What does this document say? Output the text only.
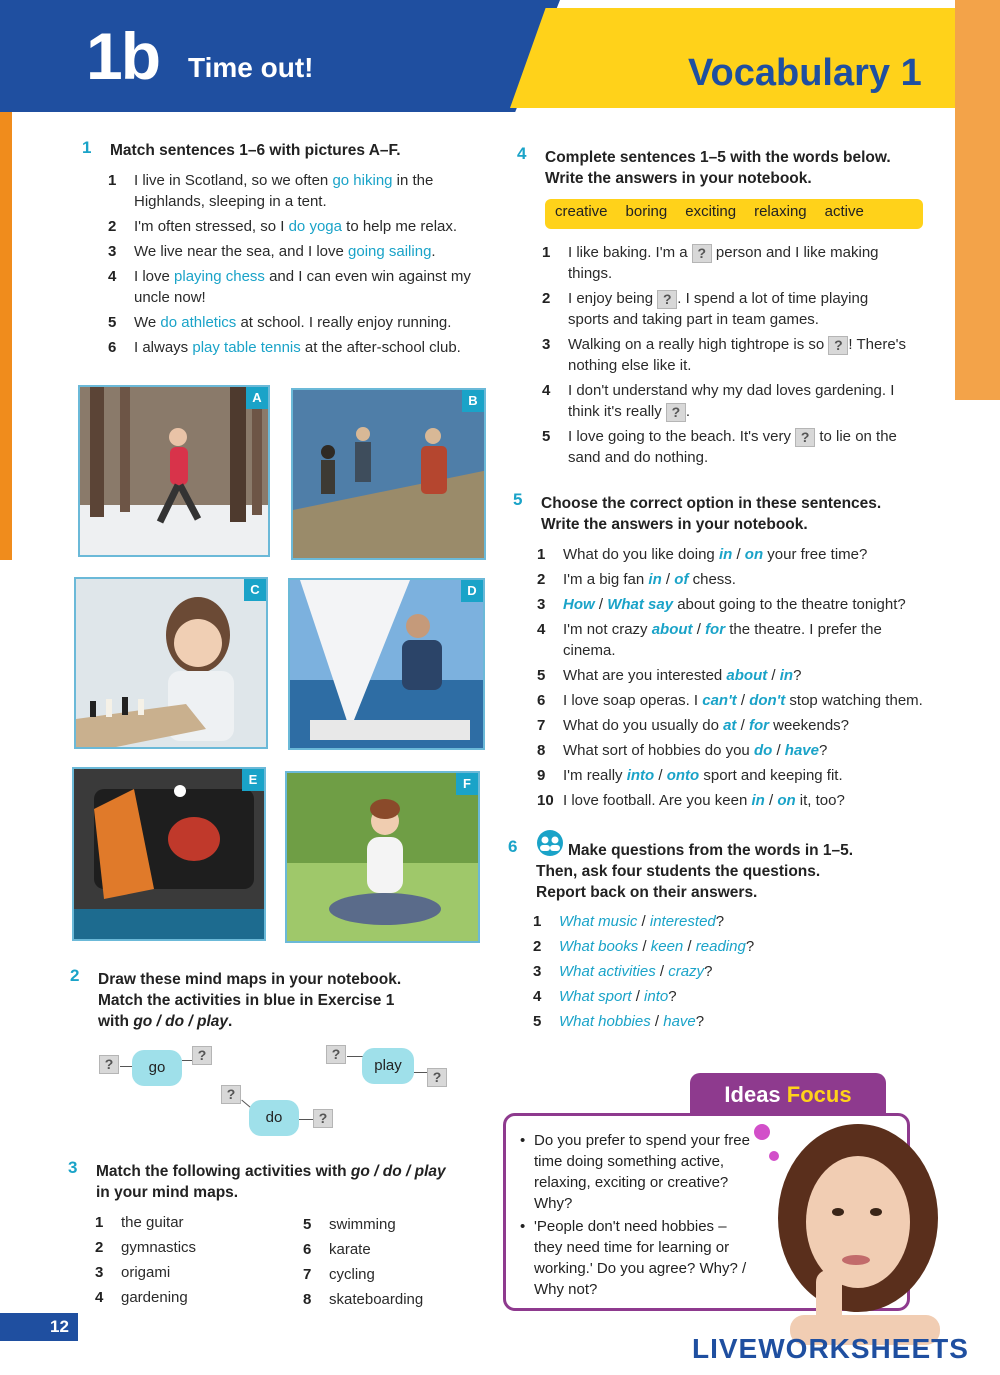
1b Time out!	Vocabulary 1
1 Match sentences 1–6 with pictures A–F.
1 I live in Scotland, so we often go hiking in the Highlands, sleeping in a tent.
2 I'm often stressed, so I do yoga to help me relax.
3 We live near the sea, and I love going sailing.
4 I love playing chess and I can even win against my uncle now!
5 We do athletics at school. I really enjoy running.
6 I always play table tennis at the after-school club.
A	B
C	D
E	F
2 Draw these mind maps in your notebook.
Match the activities in blue in Exercise 1
with go / do / play.
?	go
?	?
play
?
?
do	?
3 Match the following activities with go / do / play
in your mind maps.
1 the guitar
2 gymnastics
3 origami
4 gardening
5 swimming
6 karate
7 cycling
8 skateboarding
4 Complete sentences 1–5 with the words below.
Write the answers in your notebook.
creative boring exciting relaxing active
1 I like baking. I'm a ? person and I like making things.
2 I enjoy being ? . I spend a lot of time playing sports and taking part in team games.
3 Walking on a really high tightrope is so ? ! There's nothing else like it.
4 I don't understand why my dad loves gardening. I think it's really ? .
5 I love going to the beach. It's very ? to lie on the sand and do nothing.
5 Choose the correct option in these sentences.
Write the answers in your notebook.
1 What do you like doing in / on your free time?
2 I'm a big fan in / of chess.
3 How / What say about going to the theatre tonight?
4 I'm not crazy about / for the theatre. I prefer the cinema.
5 What are you interested about / in?
6 I love soap operas. I can't / don't stop watching them.
7 What do you usually do at / for weekends?
8 What sort of hobbies do you do / have?
9 I'm really into / onto sport and keeping fit.
10 I love football. Are you keen in / on it, too?
6	Make questions from the words in 1–5.
Then, ask four students the questions.
Report back on their answers.
1 What music / interested?
2 What books / keen / reading?
3 What activities / crazy?
4 What sport / into?
5 What hobbies / have?
Ideas Focus
• Do you prefer to spend your free time doing something active, relaxing, exciting or creative? Why?
• 'People don't need hobbies – they need time for learning or working.' Do you agree? Why? / Why not?
12
LIVEWORKSHEETS
